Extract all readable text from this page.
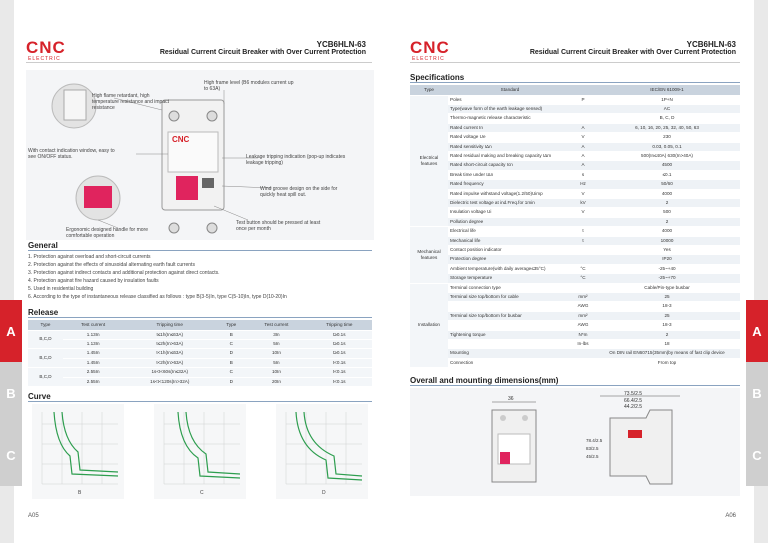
CNC
ELECTRIC
YCB6HLN-63
Residual Current Circuit Breaker with Over Current Protection
CNC
High flame retardant, high temperature resistance and impact resistance
High frame level (B6 modules current up to 63A)
With contact indication window, easy to see ON/OFF status.	Leakage tripping indication (pop-up indicates leakage tripping)
Wind groove design on the side for quickly heat spill out.
Ergonomic designed handle for more comfortable operation
Test button should be pressed at least once per month
General
1. Protection against overload and short-circuit currents
2. Protection against the effects of sinusoidal alternating earth fault currents
3. Protection against indirect contacts and additional protection against direct contacts.
4. Protection against fire hazard caused by insulation faults
5. Used in residential building
6. According to the type of instantaneous release classified as follows : type B(3-5)In, type C(5-10)In, type D(10-20)In
Release
Type	Test current	Tripping time	Type	Test current	Tripping time
B,C,D	1.13In	t≤1h(In≤63A)	B	3In	t≥0.1s
	1.13In	t≤2h(In>63A)	C	5In	t≥0.1s
B,C,D	1.45In	t<1h(In≤63A)	D	10In	t≥0.1s
	1.45In	t<2h(In>63A)	B	5In	t<0.1s
B,C,D	2.55In	1s<t<60s(In≤32A)	C	10In	t<0.1s
	2.55In	1s<t<120s(In>32A)	D	20In	t<0.1s
Curve
B	C	D
A05
A
B
C
CNC
ELECTRIC
YCB6HLN-63
Residual Current Circuit Breaker with Over Current Protection
Specifications
Type	Standard		IEC/EN 61009-1
Electrical features	Poles	P	1P+N
	Type(wave form of the earth leakage sensed)		AC
	Thermo-magnetic release characteristic		B, C, D
	Rated current In	A	6, 10, 16, 20, 25, 32, 40, 50, 63
	Rated voltage Ue	V	230
	Rated sensitivity IΔn	A	0.03, 0.05, 0.1
	Rated residual making and breaking capacity IΔm	A	500(In≤40A) 630(In>40A)
	Rated short-circuit capacity Icn	A	4500
	Break time under IΔn	s	≤0.1
	Rated frequency	Hz	50/60
	Rated impulse withstand voltage(1.2/50)Uimp	V	4000
	Dielectric test voltage at ind.Freq.for 1min	kV	2
	Insulation voltage Ui	V	500
	Pollution degree		2
Mechanical features	Electrical life	t	4000
	Mechanical life	t	10000
	Contact position indicator		Yes
	Protection degree		IP20
	Ambient temperature(with daily average≤35°C)	°C	-25~+40
	Storage temperature	°C	-25~+70
Installation	Terminal connection type		Cable/Pin-type busbar
	Terminal size top/bottom for cable	mm²	25
		AWG	18-3
	Terminal size top/bottom for busbar	mm²	25
		AWG	18-3
	Tightening torque	N*m	2
		In-lbs	18
	Mounting		On DIN rail EN60715(35mm)by means of fast clip device
	Connection		From top
Overall and mounting dimensions(mm)
36
73.5/2.5
66.4/2.5
44.2/2.5
78.4/2.5
83/2.5
45/2.5
A06
A
B
C
